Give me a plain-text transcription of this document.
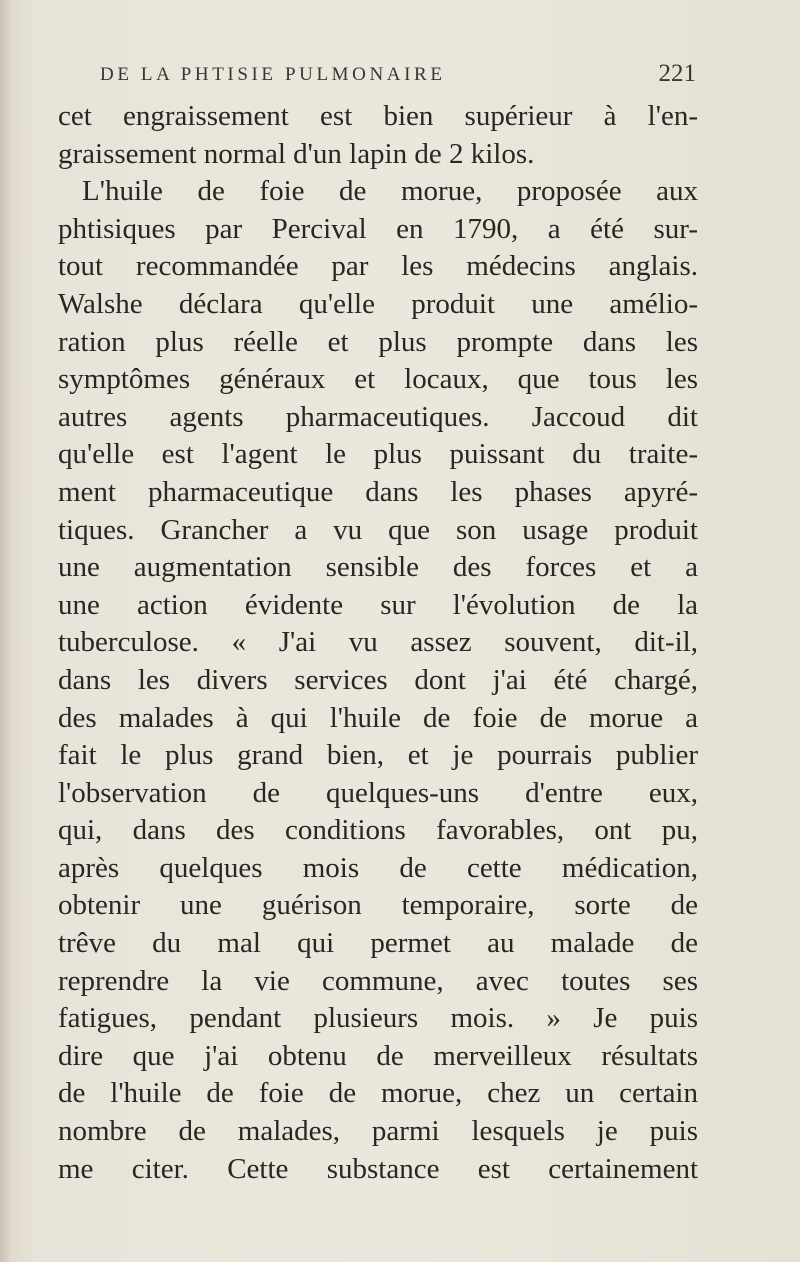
DE LA PHTISIE PULMONAIRE	221
cet engraissement est bien supérieur à l'en-
graissement normal d'un lapin de 2 kilos.
L'huile de foie de morue, proposée aux
phtisiques par Percival en 1790, a été sur-
tout recommandée par les médecins anglais.
Walshe déclara qu'elle produit une amélio-
ration plus réelle et plus prompte dans les
symptômes généraux et locaux, que tous les
autres agents pharmaceutiques. Jaccoud dit
qu'elle est l'agent le plus puissant du traite-
ment pharmaceutique dans les phases apyré-
tiques. Grancher a vu que son usage produit
une augmentation sensible des forces et a
une action évidente sur l'évolution de la
tuberculose. « J'ai vu assez souvent, dit-il,
dans les divers services dont j'ai été chargé,
des malades à qui l'huile de foie de morue a
fait le plus grand bien, et je pourrais publier
l'observation de quelques-uns d'entre eux,
qui, dans des conditions favorables, ont pu,
après quelques mois de cette médication,
obtenir une guérison temporaire, sorte de
trêve du mal qui permet au malade de
reprendre la vie commune, avec toutes ses
fatigues, pendant plusieurs mois. » Je puis
dire que j'ai obtenu de merveilleux résultats
de l'huile de foie de morue, chez un certain
nombre de malades, parmi lesquels je puis
me citer. Cette substance est certainement
